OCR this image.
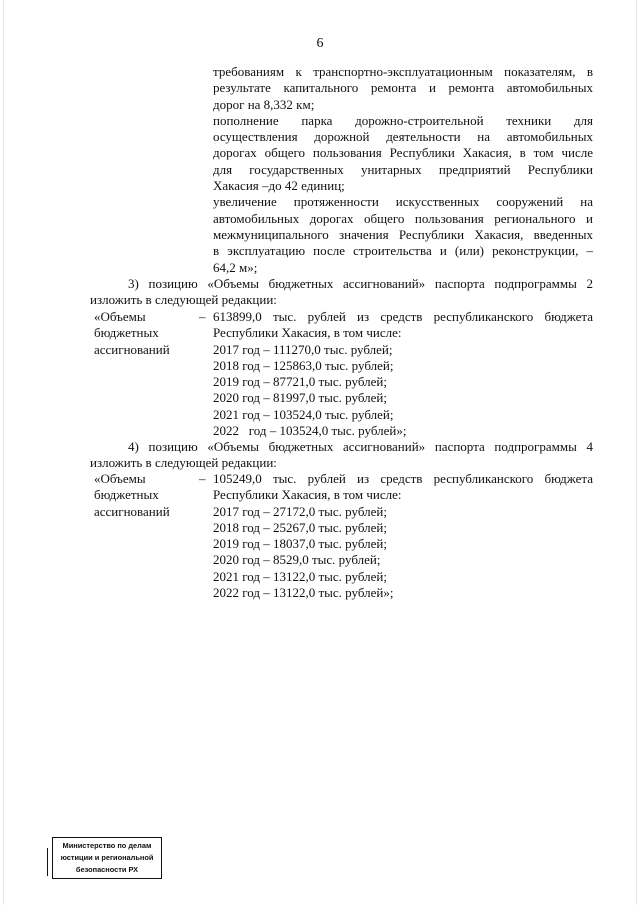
6
требованиям к транспортно-эксплуатационным показателям, в
результате капитального ремонта и ремонта автомобильных
дорог на 8,332 км;
пополнение парка дорожно-строительной техники для
осуществления дорожной деятельности на автомобильных
дорогах общего пользования Республики Хакасия, в том числе
для государственных унитарных предприятий Республики
Хакасия –до 42 единиц;
увеличение протяженности искусственных сооружений на
автомобильных дорогах общего пользования регионального и
межмуниципального значения Республики Хакасия, введенных
в эксплуатацию после строительства и (или) реконструкции, –
64,2 м»;
3) позицию «Объемы бюджетных ассигнований» паспорта подпрограммы 2
изложить в следующей редакции:
«Объемы
бюджетных
ассигнований
– 613899,0 тыс. рублей из средств республиканского бюджета
Республики Хакасия, в том числе:
2017 год – 111270,0 тыс. рублей;
2018 год – 125863,0 тыс. рублей;
2019 год – 87721,0 тыс. рублей;
2020 год – 81997,0 тыс. рублей;
2021 год – 103524,0 тыс. рублей;
2022   год – 103524,0 тыс. рублей»;
4) позицию «Объемы бюджетных ассигнований» паспорта подпрограммы 4
изложить в следующей редакции:
«Объемы
бюджетных
ассигнований
– 105249,0 тыс. рублей из средств республиканского бюджета
Республики Хакасия, в том числе:
2017 год – 27172,0 тыс. рублей;
2018 год – 25267,0 тыс. рублей;
2019 год – 18037,0 тыс. рублей;
2020 год – 8529,0 тыс. рублей;
2021 год – 13122,0 тыс. рублей;
2022 год – 13122,0 тыс. рублей»;
Министерство по делам
юстиции и региональной
безопасности РХ
